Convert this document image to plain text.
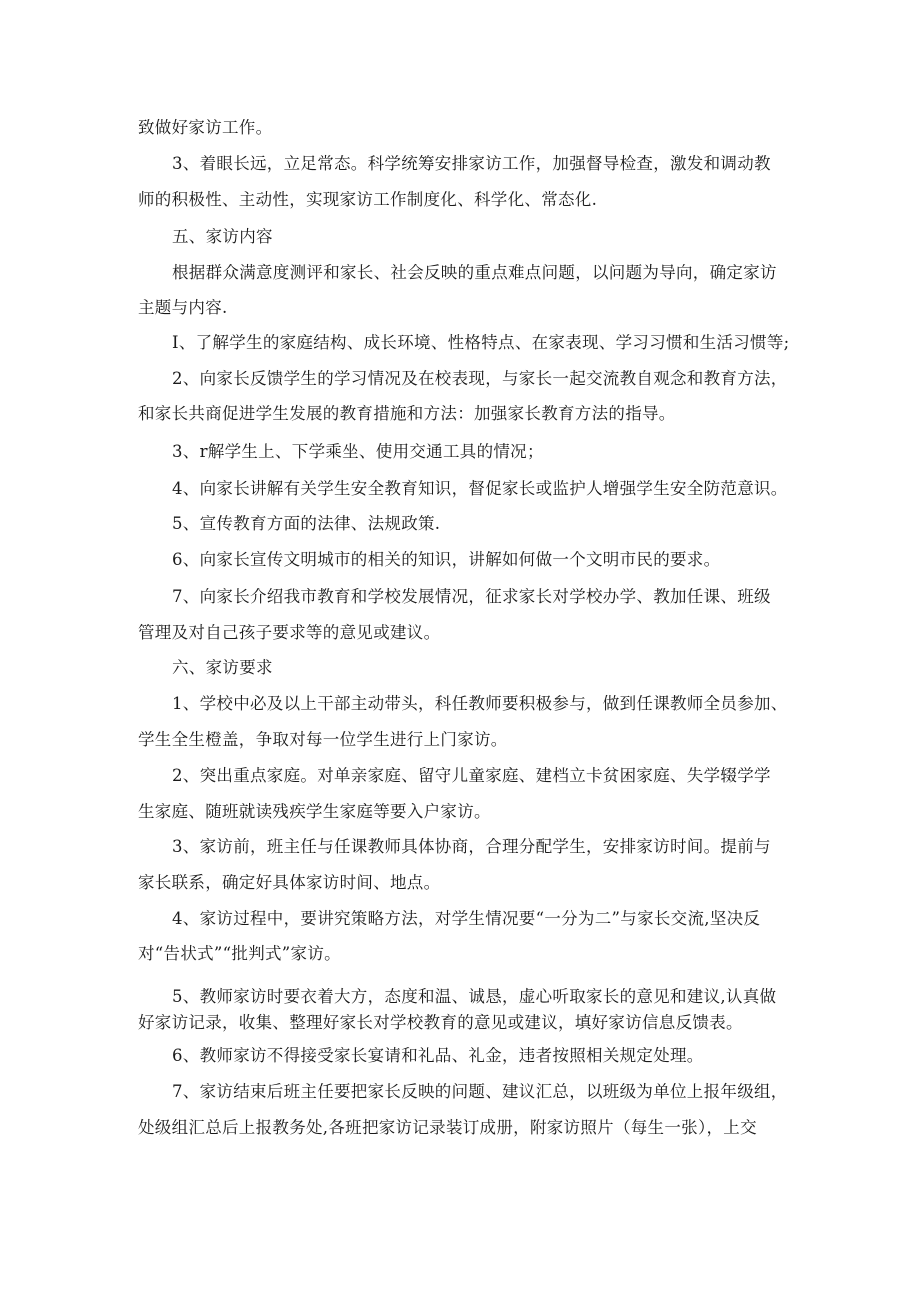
致做好家访工作。
3、着眼长远，立足常态。科学统筹安排家访工作，加强督导检查，激发和调动教
师的积极性、主动性，实现家访工作制度化、科学化、常态化.
五、家访内容
根据群众满意度测评和家长、社会反映的重点难点问题，以问题为导向，确定家访
主题与内容.
I、了解学生的家庭结构、成长环境、性格特点、在家表现、学习习惯和生活习惯等;
2、向家长反馈学生的学习情况及在校表现，与家长一起交流教自观念和教育方法，
和家长共商促进学生发展的教育措施和方法：加强家长教育方法的指导。
3、r解学生上、下学乘坐、使用交通工具的情况；
4、向家长讲解有关学生安全教育知识，督促家长或监护人增强学生安全防范意识。
5、宣传教育方面的法律、法规政策.
6、向家长宣传文明城市的相关的知识，讲解如何做一个文明市民的要求。
7、向家长介绍我市教育和学校发展情况，征求家长对学校办学、教加任课、班级
管理及对自己孩子要求等的意见或建议。
六、家访要求
1、学校中必及以上干部主动带头，科任教师要积极参与，做到任课教师全员参加、
学生全生橙盖，争取对每一位学生进行上门家访。
2、突出重点家庭。对单亲家庭、留守儿童家庭、建档立卡贫困家庭、失学辍学学
生家庭、随班就读残疾学生家庭等要入户家访。
3、家访前，班主任与任课教师具体协商，合理分配学生，安排家访时间。提前与
家长联系，确定好具体家访时间、地点。
4、家访过程中，要讲究策略方法，对学生情况要“一分为二”与家长交流,坚决反
对“告状式”“批判式”家访。
5、教师家访时要衣着大方，态度和温、诚恳，虚心听取家长的意见和建议,认真做
好家访记录，收集、整理好家长对学校教育的意见或建议，填好家访信息反馈表。
6、教师家访不得接受家长宴请和礼品、礼金，违者按照相关规定处理。
7、家访结束后班主任要把家长反映的问题、建议汇总，以班级为单位上报年级组，
处级组汇总后上报教务处,各班把家访记录装订成册，附家访照片（每生一张），上交
